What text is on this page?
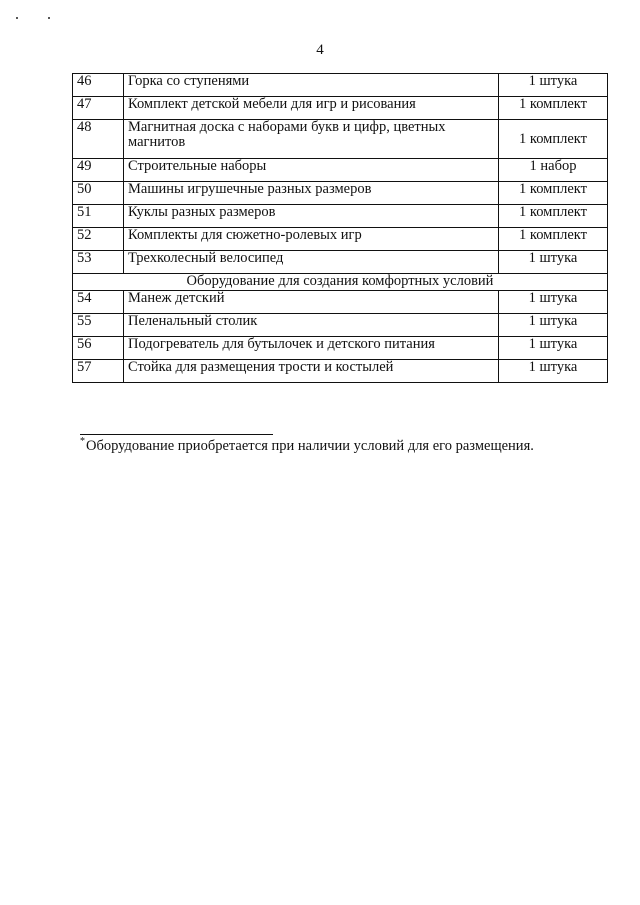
4
46	Горка со ступенями	1 штука
47	Комплект детской мебели для игр и рисования	1 комплект
48	Магнитная доска с наборами букв и цифр, цветных магнитов	1 комплект
49	Строительные наборы	1 набор
50	Машины игрушечные разных размеров	1 комплект
51	Куклы разных размеров	1 комплект
52	Комплекты для сюжетно-ролевых игр	1 комплект
53	Трехколесный велосипед	1 штука
Оборудование для создания комфортных условий		
54	Манеж детский	1 штука
55	Пеленальный столик	1 штука
56	Подогреватель для бутылочек и детского питания	1 штука
57	Стойка для размещения трости и костылей	1 штука
*Оборудование приобретается при наличии условий для его размещения.
